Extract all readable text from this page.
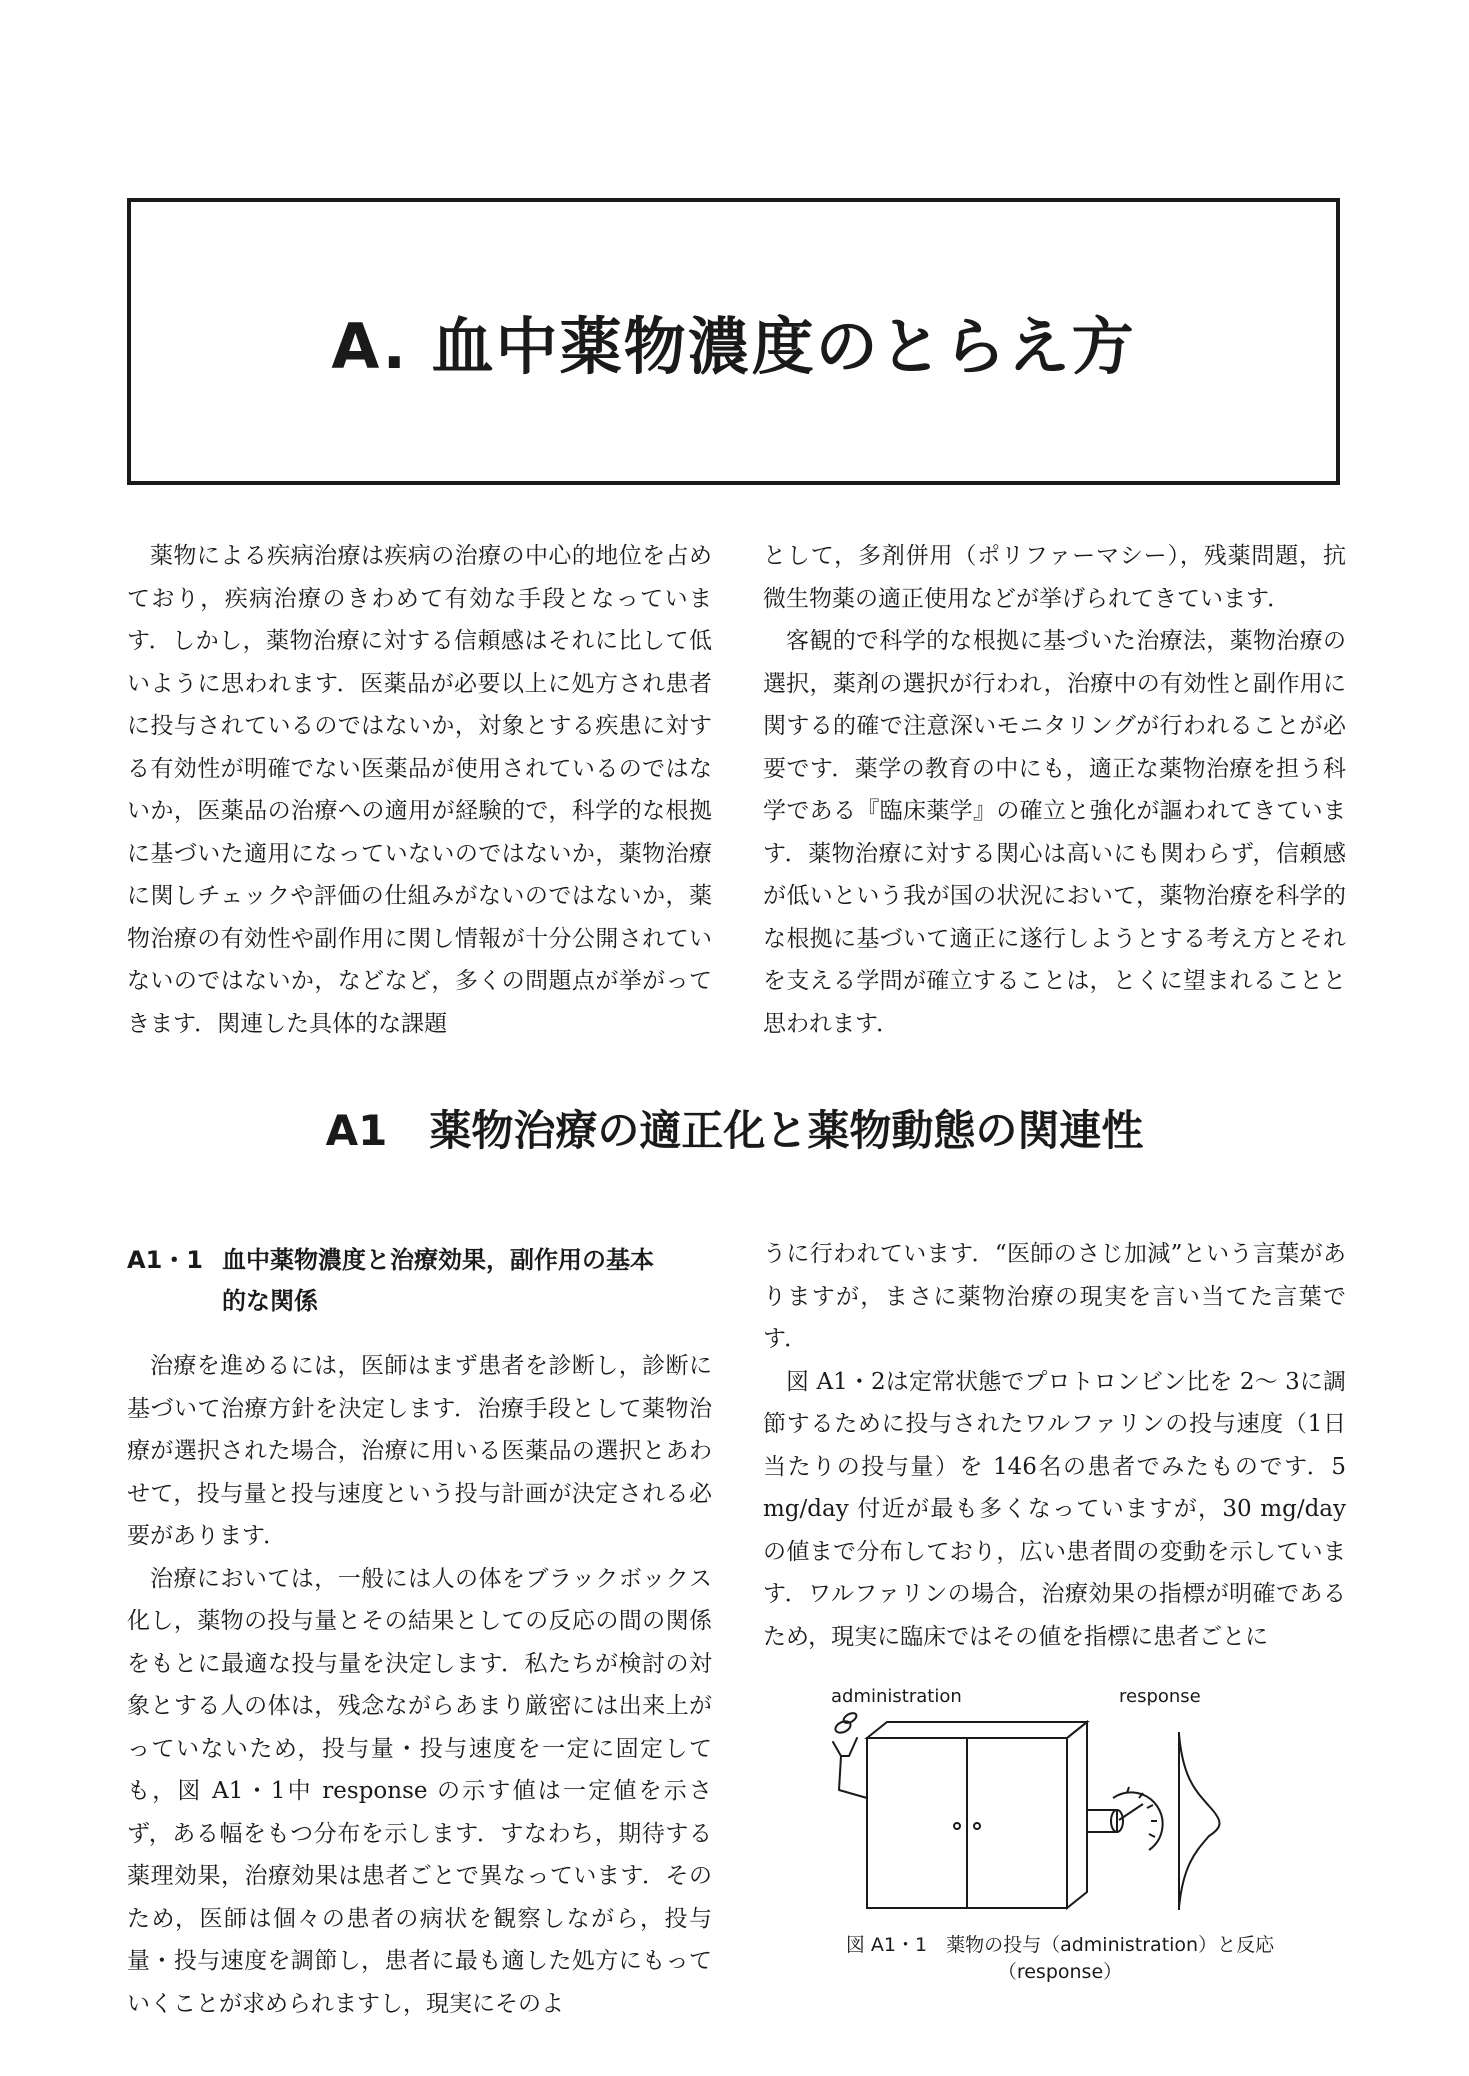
A. 血中薬物濃度のとらえ方

薬物による疾病治療は疾病の治療の中心的地位を占めており，疾病治療のきわめて有効な手段となっています．しかし，薬物治療に対する信頼感はそれに比して低いように思われます．医薬品が必要以上に処方され患者に投与されているのではないか，対象とする疾患に対する有効性が明確でない医薬品が使用されているのではないか，医薬品の治療への適用が経験的で，科学的な根拠に基づいた適用になっていないのではないか，薬物治療に関しチェックや評価の仕組みがないのではないか，薬物治療の有効性や副作用に関し情報が十分公開されていないのではないか，などなど，多くの問題点が挙がってきます．関連した具体的な課題

として，多剤併用（ポリファーマシー），残薬問題，抗微生物薬の適正使用などが挙げられてきています．

客観的で科学的な根拠に基づいた治療法，薬物治療の選択，薬剤の選択が行われ，治療中の有効性と副作用に関する的確で注意深いモニタリングが行われることが必要です．薬学の教育の中にも，適正な薬物治療を担う科学である『臨床薬学』の確立と強化が謳われてきています．薬物治療に対する関心は高いにも関わらず，信頼感が低いという我が国の状況において，薬物治療を科学的な根拠に基づいて適正に遂行しようとする考え方とそれを支える学問が確立することは，とくに望まれることと思われます．

A1　薬物治療の適正化と薬物動態の関連性
A1・1 血中薬物濃度と治療効果，副作用の基本
的な関係

治療を進めるには，医師はまず患者を診断し，診断に基づいて治療方針を決定します．治療手段として薬物治療が選択された場合，治療に用いる医薬品の選択とあわせて，投与量と投与速度という投与計画が決定される必要があります．

治療においては，一般には人の体をブラックボックス化し，薬物の投与量とその結果としての反応の間の関係をもとに最適な投与量を決定します．私たちが検討の対象とする人の体は，残念ながらあまり厳密には出来上がっていないため，投与量・投与速度を一定に固定しても，図 A1・1中 response の示す値は一定値を示さず，ある幅をもつ分布を示します．すなわち，期待する薬理効果，治療効果は患者ごとで異なっています．そのため，医師は個々の患者の病状を観察しながら，投与量・投与速度を調節し，患者に最も適した処方にもっていくことが求められますし，現実にそのよ

うに行われています．“医師のさじ加減”という言葉がありますが，まさに薬物治療の現実を言い当てた言葉です．

図 A1・2は定常状態でプロトロンビン比を 2〜 3に調節するために投与されたワルファリンの投与速度（1日当たりの投与量）を 146名の患者でみたものです．5 mg/day 付近が最も多くなっていますが，30 mg/day の値まで分布しており，広い患者間の変動を示しています．ワルファリンの場合，治療効果の指標が明確であるため，現実に臨床ではその値を指標に患者ごとに

administration	response
図 A1・1　薬物の投与（administration）と反応（response）
